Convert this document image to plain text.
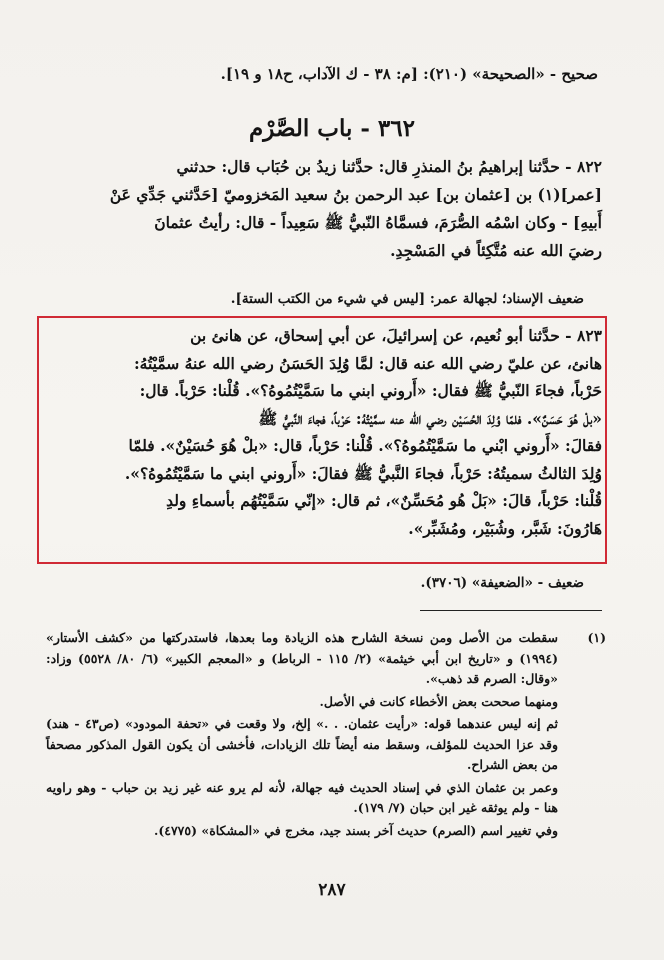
صحيح - «الصحيحة» (٢١٠): [م: ٣٨ - ك الآداب، ح١٨ و ١٩].
٣٦٢ - باب الصَّرْم

٨٢٢ - حدَّثنا إبراهيمُ بنُ المنذرِ قال: حدَّثنا زيدُ بن حُبَاب قال: حدثني

[عمر](١) بن [عثمان بن] عبد الرحمن بنُ سعيد المَخزوميّ [حَدَّثني جَدِّي عَنْ

أَبيهِ] - وكان اسْمُه الصُّرَمَ، فسمَّاهُ النّبيُّ ﷺ سَعِيداً - قال: رأيتُ عثمانَ

رضيَ الله عنه مُتَّكِئاً في المَسْجِدِ.

ضعيف الإسناد؛ لجهالة عمر: [ليس في شيء من الكتب الستة].

٨٢٣ - حدَّثنا أبو نُعيم، عن إسرائيلَ، عن أبي إسحاق، عن هانئ بن

هانئ، عن عليّ رضي الله عنه قال: لمَّا وُلِدَ الحَسَنُ رضي الله عنهُ سمَّيْتُهُ:

حَرْباً، فجاءَ النّبيُّ ﷺ فقال: «أَروني ابني ما سَمَّيْتُمُوهُ؟». قُلْنا: حَرْباً. قال:

«بلْ هُوَ حَسَنٌ». فلمّا وُلِدَ الحُسَيْن رضي الله عنه سمَّيْتُهُ: حَرْباً، فجاءَ النَّبيُّ ﷺ

فقالَ: «أَروني ابْني ما سَمَّيْتُمُوهُ؟». قُلْنا: حَرْباً، قال: «بلْ هُوَ حُسَيْنٌ». فلمّا

وُلِدَ الثالثُ سميتُهُ: حَرْباً، فجاءَ النَّبيُّ ﷺ فقالَ: «أَروني ابني ما سَمَّيْتُمُوهُ؟».

قُلْنا: حَرْباً، قالَ: «بَلْ هُو مُحَسِّنٌ»، ثم قال: «إنّي سَمَّيْتُهُم بأسماءِ ولدِ

هَارُونَ: شَبَّر، وشُبَيْر، ومُشَبِّر».

ضعيف - «الضعيفة» (٣٧٠٦).
(١)

سقطت من الأصل ومن نسخة الشارح هذه الزيادة وما بعدها، فاستدركتها من «كشف الأستار» (١٩٩٤) و «تاريخ ابن أبي خيثمة» (٢/ ١١٥ - الرباط) و «المعجم الكبير» (٦/ ٨٠/ ٥٥٢٨) وزاد: «وقال: الصرم قد ذهب».

ومنهما صححت بعض الأخطاء كانت في الأصل.

ثم إنه ليس عندهما قوله: «رأيت عثمان. . .» إلخ، ولا وقعت في «تحفة المودود» (ص٤٣ - هند) وقد عزا الحديث للمؤلف، وسقط منه أيضاً تلك الزيادات، فأخشى أن يكون القول المذكور مصحفاً من بعض الشراح.

وعمر بن عثمان الذي في إسناد الحديث فيه جهالة، لأنه لم يرو عنه غير زيد بن حباب - وهو راويه هنا - ولم يوثقه غير ابن حبان (٧/ ١٧٩).

وفي تغيير اسم (الصرم) حديث آخر بسند جيد، مخرج في «المشكاة» (٤٧٧٥).

٢٨٧
